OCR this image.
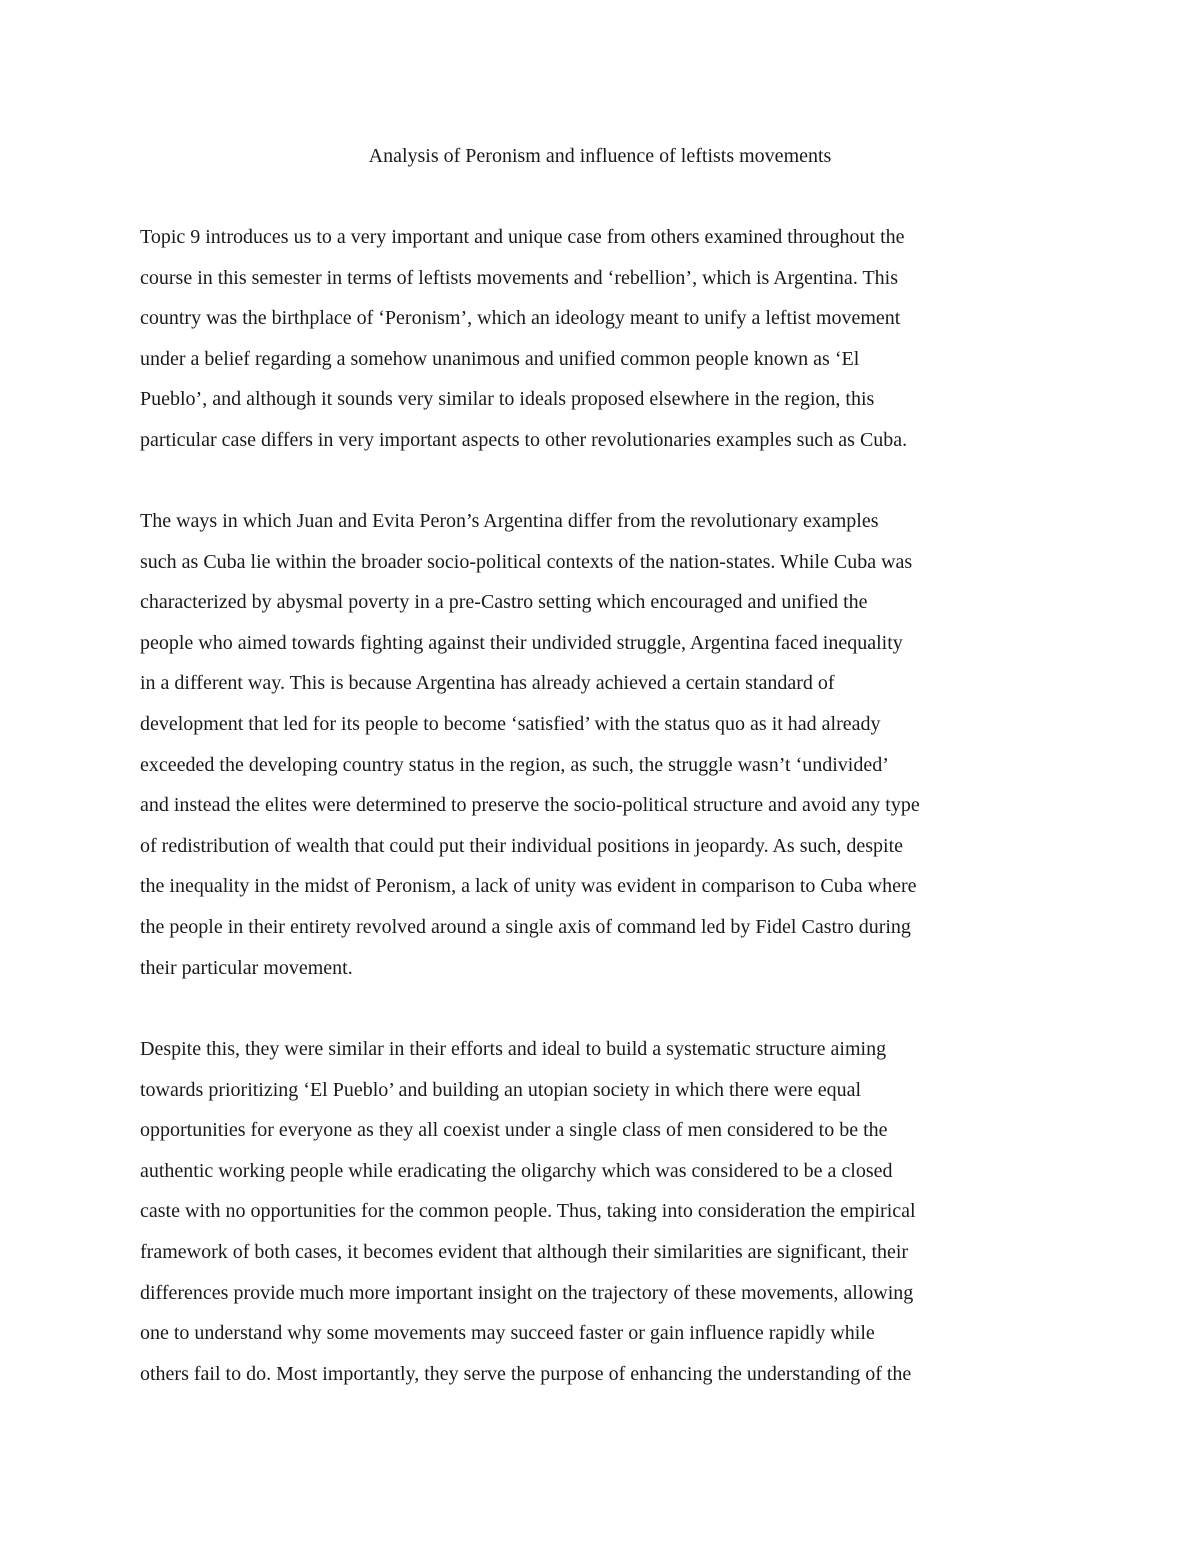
Analysis of Peronism and influence of leftists movements
Topic 9 introduces us to a very important and unique case from others examined throughout the
course in this semester in terms of leftists movements and ‘rebellion’, which is Argentina. This
country was the birthplace of ‘Peronism’, which an ideology meant to unify a leftist movement
under a belief regarding a somehow unanimous and unified common people known as ‘El
Pueblo’, and although it sounds very similar to ideals proposed elsewhere in the region, this
particular case differs in very important aspects to other revolutionaries examples such as Cuba.
The ways in which Juan and Evita Peron’s Argentina differ from the revolutionary examples
such as Cuba lie within the broader socio-political contexts of the nation-states. While Cuba was
characterized by abysmal poverty in a pre-Castro setting which encouraged and unified the
people who aimed towards fighting against their undivided struggle, Argentina faced inequality
in a different way. This is because Argentina has already achieved a certain standard of
development that led for its people to become ‘satisfied’ with the status quo as it had already
exceeded the developing country status in the region, as such, the struggle wasn’t ‘undivided’
and instead the elites were determined to preserve the socio-political structure and avoid any type
of redistribution of wealth that could put their individual positions in jeopardy. As such, despite
the inequality in the midst of Peronism, a lack of unity was evident in comparison to Cuba where
the people in their entirety revolved around a single axis of command led by Fidel Castro during
their particular movement.
Despite this, they were similar in their efforts and ideal to build a systematic structure aiming
towards prioritizing ‘El Pueblo’ and building an utopian society in which there were equal
opportunities for everyone as they all coexist under a single class of men considered to be the
authentic working people while eradicating the oligarchy which was considered to be a closed
caste with no opportunities for the common people. Thus, taking into consideration the empirical
framework of both cases, it becomes evident that although their similarities are significant, their
differences provide much more important insight on the trajectory of these movements, allowing
one to understand why some movements may succeed faster or gain influence rapidly while
others fail to do. Most importantly, they serve the purpose of enhancing the understanding of the
